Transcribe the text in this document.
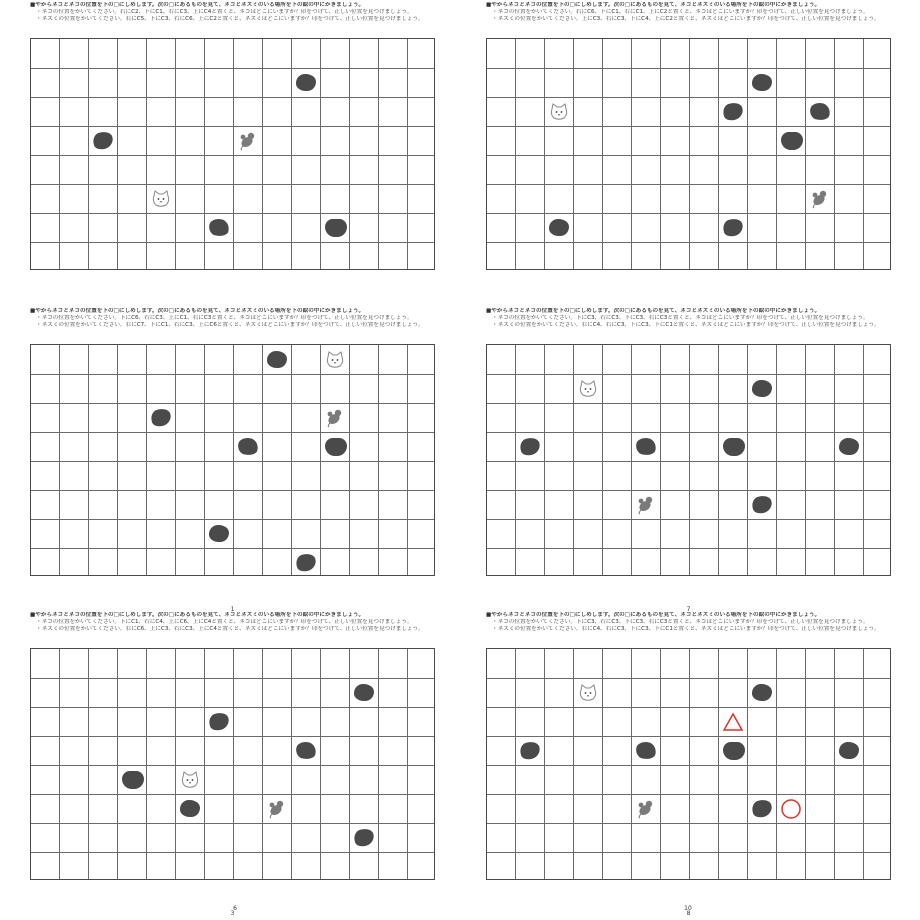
■やからネコとネコの位置を下の□にしめします。次の□にあるものを見て、ネコとネズミのいる場所を下の絵の中にかきましょう。
・ネコの位置をかいてください。右にC2、下にC1、右にC3、上にC4と置くと、ネコはどこにいますか？印をつけて、正しい位置を見つけましょう。
・ネズミの位置をかいてください。右にC5、下にC3、右にC6、上にC2と置くと、ネズミはどこにいますか？印をつけて、正しい位置を見つけましょう。
■やからネコとネコの位置を下の□にしめします。次の□にあるものを見て、ネコとネズミのいる場所を下の絵の中にかきましょう。
・ネコの位置をかいてください。右にC6、下にC1、右にC1、上にC2と置くと、ネコはどこにいますか？印をつけて、正しい位置を見つけましょう。
・ネズミの位置をかいてください。上にC3、右にC3、下にC4、上にC2と置くと、ネズミはどこにいますか？印をつけて、正しい位置を見つけましょう。
■やからネコとネコの位置を下の□にしめします。次の□にあるものを見て、ネコとネズミのいる場所を下の絵の中にかきましょう。
・ネコの位置をかいてください。下にC6、右にC3、上にC1、右にC3と置くと、ネコはどこにいますか？印をつけて、正しい位置を見つけましょう。
・ネズミの位置をかいてください。右にC7、下にC1、右にC3、上にC6と置くと、ネズミはどこにいますか？印をつけて、正しい位置を見つけましょう。
1
■やからネコとネコの位置を下の□にしめします。次の□にあるものを見て、ネコとネズミのいる場所を下の絵の中にかきましょう。
・ネコの位置をかいてください。下にC3、右にC3、下にC3、右にC3と置くと、ネコはどこにいますか？印をつけて、正しい位置を見つけましょう。
・ネズミの位置をかいてください。右にC4、右にC3、下にC3、下にC1と置くと、ネズミはどこにいますか？印をつけて、正しい位置を見つけましょう。
7
■やからネコとネコの位置を下の□にしめします。次の□にあるものを見て、ネコとネズミのいる場所を下の絵の中にかきましょう。
・ネコの位置をかいてください。下にC1、右にC4、上にC6、上にC4と置くと、ネコはどこにいますか？印をつけて、正しい位置を見つけましょう。
・ネズミの位置をかいてください。右にC6、上にC3、右にC3、上にC4と置くと、ネズミはどこにいますか？印をつけて、正しい位置を見つけましょう。
3
■やからネコとネコの位置を下の□にしめします。次の□にあるものを見て、ネコとネズミのいる場所を下の絵の中にかきましょう。
・ネコの位置をかいてください。下にC3、右にC3、下にC3、右にC3と置くと、ネコはどこにいますか？印をつけて、正しい位置を見つけましょう。
・ネズミの位置をかいてください。右にC4、右にC3、下にC3、下にC1と置くと、ネズミはどこにいますか？印をつけて、正しい位置を見つけましょう。
8
6	10
